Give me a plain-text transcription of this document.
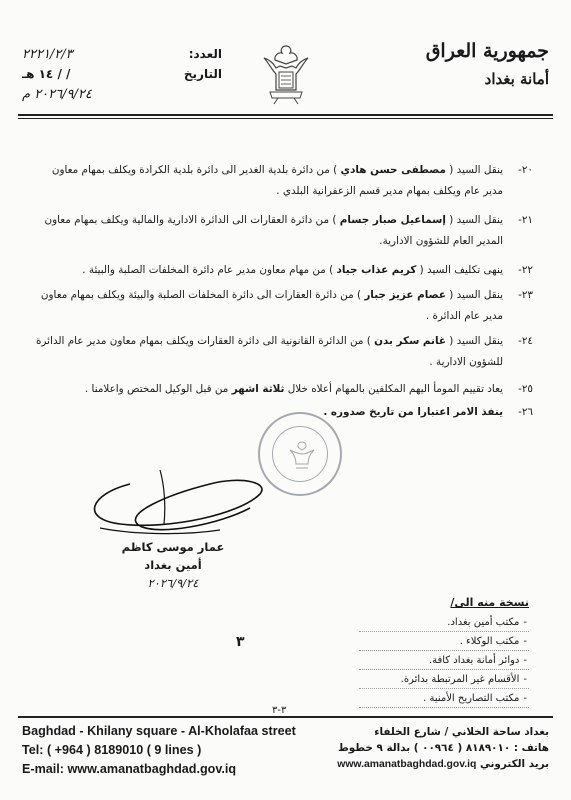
جمهورية العراق
أمانة بغداد
العدد:
٢٢٢١/٢/٣
التاريخ
/ / ١٤ هـ
٢٠٢٦/٩/٢٤ م
٢٠-
ينقل السيد ( مصطفى حسن هادي ) من دائرة بلدية الغدير الى دائرة بلدية الكرادة ويكلف بمهام معاون مدير عام ويكلف بمهام مدير قسم الزعفرانية البلدي .
٢١-
ينقل السيد ( إسماعيل صبار جسام ) من دائرة العقارات الى الدائرة الادارية والمالية ويكلف بمهام معاون المدير العام للشؤون الادارية.
٢٢-
ينهى تكليف السيد ( كريم عذاب جياد ) من مهام معاون مدير عام دائرة المخلفات الصلبة والبيئة .
٢٣-
ينقل السيد ( عصام عزيز جبار ) من دائرة العقارات الى دائرة المخلفات الصلبة والبيئة ويكلف بمهام معاون مدير عام الدائرة .
٢٤-
ينقل السيد ( غانم سكر بدن ) من الدائرة القانونية الى دائرة العقارات ويكلف بمهام معاون مدير عام الدائرة للشؤون الادارية .
٢٥-
يعاد تقييم المومأ اليهم المكلفين بالمهام أعلاه خلال ثلاثة اشهر من قبل الوكيل المختص واعلامنا .
٢٦-
ينفذ الامر اعتبارا من تاريخ صدوره .
عمار موسى كاظم
أمين بغداد
٢٠٢٦/٩/٢٤
٣
نسخة منه الى/
-
مكتب أمين بغداد.
-
مكتب الوكلاء .
-
دوائر أمانة بغداد كافة.
-
الأقسام غير المرتبطة بدائرة.
-
مكتب التصاريح الأمنية .
٣-٣
Baghdad - Khilany square - Al-Kholafaa street
Tel: ( +964 ) 8189010 ( 9 lines )
E-mail: www.amanatbaghdad.gov.iq
بغداد ساحة الخلاني / شارع الخلفاء
هاتف : ٨١٨٩٠١٠ ( ٠٠٩٦٤ ) بدالة ٩ خطوط
بريد الكتروني www.amanatbaghdad.gov.iq
